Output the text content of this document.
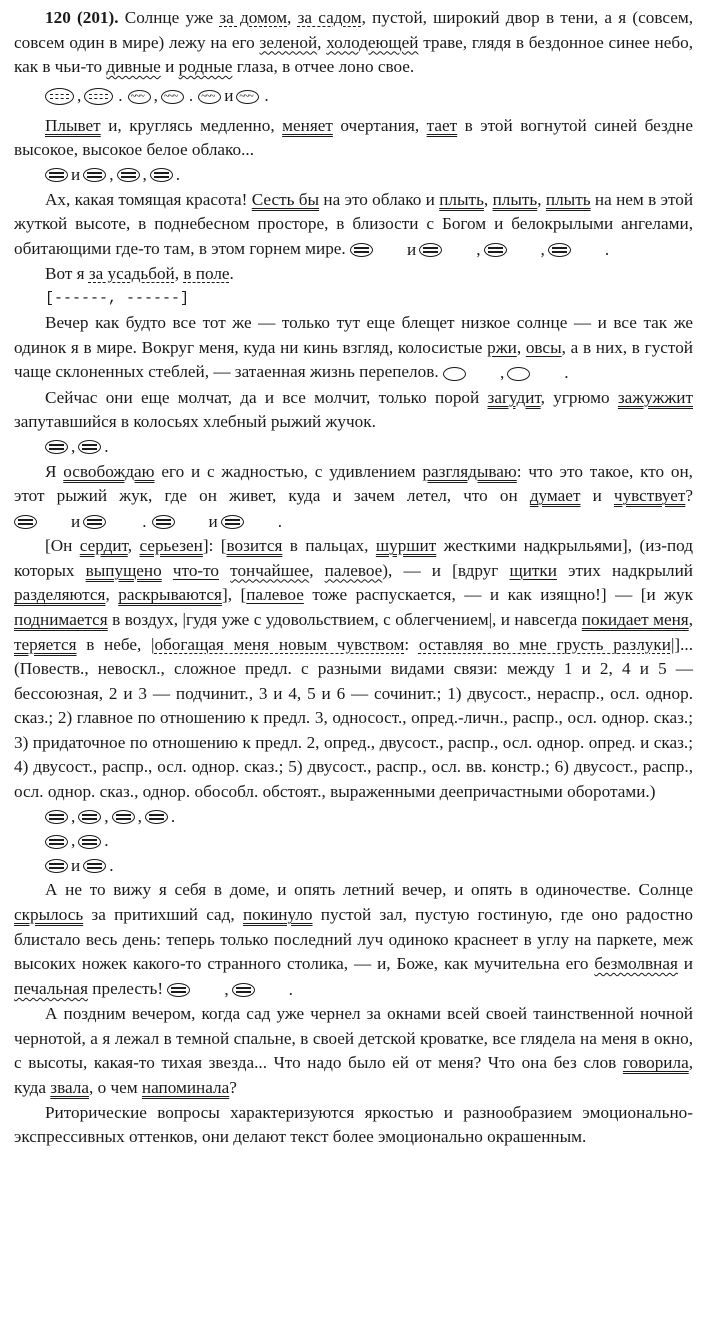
120 (201). Солнце уже за домом, за садом, пустой, широкий двор в тени, а я (совсем, совсем один в мире) лежу на его зеленой, холодеющей траве, глядя в бездонное синее небо, как в чьи-то дивные и родные глаза, в отчее лоно свое.

, . ~~~ , ~~~ . ~~~ и ~~~ .

Плывет и, круглясь медленно, меняет очертания, тает в этой вогнутой синей бездне высокое, высокое белое облако...

и , , .

Ах, какая томящая красота! Сесть бы на это облако и плыть, плыть, плыть на нем в этой жуткой высоте, в поднебесном просторе, в близости с Богом и белокрылыми ангелами, обитающими где-то там, в этом горнем мире.	и	,	,	.

Вот я за усадьбой, в поле.

[------, ------]

Вечер как будто все тот же — только тут еще блещет низкое солнце — и все так же одинок я в мире. Вокруг меня, куда ни кинь взгляд, колосистые ржи, овсы, а в них, в густой чаще склоненных стеблей, — затаенная жизнь перепелов.	,	.

Сейчас они еще молчат, да и все молчит, только порой загудит, угрюмо зажужжит запутавшийся в колосьях хлебный рыжий жучок.

, .

Я освобождаю его и с жадностью, с удивлением разглядываю: что это такое, кто он, этот рыжий жук, где он живет, куда и зачем летел, что он думает и чувствует?
и	.	и	.

[Он сердит, серьезен]: [возится в пальцах, шуршит жесткими надкрыльями], (из-под которых выпущено что-то тончайшее, палевое), — и [вдруг щитки этих надкрылий разделяются, раскрываются], [палевое тоже распускается, — и как изящно!] — [и жук поднимается в воздух, |гудя уже с удовольствием, с облегчением|, и навсегда покидает меня, теряется в небе, |обогащая меня новым чувством: оставляя во мне грусть разлуки|]... (Повеств., невоскл., сложное предл. с разными видами связи: между 1 и 2, 4 и 5 — бессоюзная, 2 и 3 — подчинит., 3 и 4, 5 и 6 — сочинит.; 1) двусост., нераспр., осл. однор. сказ.; 2) главное по отношению к предл. 3, односост., опред.-личн., распр., осл. однор. сказ.; 3) придаточное по отношению к предл. 2, опред., двусост., распр., осл. однор. опред. и сказ.; 4) двусост., распр., осл. однор. сказ.; 5) двусост., распр., осл. вв. констр.; 6) двусост., распр., осл. однор. сказ., однор. обособл. обстоят., выраженными деепричастными оборотами.)

, , , .
, .
и .

А не то вижу я себя в доме, и опять летний вечер, и опять в одиночестве. Солнце скрылось за притихший сад, покинуло пустой зал, пустую гостиную, где оно радостно блистало весь день: теперь только последний луч одиноко краснеет в углу на паркете, меж высоких ножек какого-то странного столика, — и, Боже, как мучительна его безмолвная и печальная прелесть!	,	.

А поздним вечером, когда сад уже чернел за окнами всей своей таинственной ночной чернотой, а я лежал в темной спальне, в своей детской кроватке, все глядела на меня в окно, с высоты, какая-то тихая звезда... Что надо было ей от меня? Что она без слов говорила, куда звала, о чем напоминала?

Риторические вопросы характеризуются яркостью и разнообразием эмоционально-экспрессивных оттенков, они делают текст более эмоционально окрашенным.
